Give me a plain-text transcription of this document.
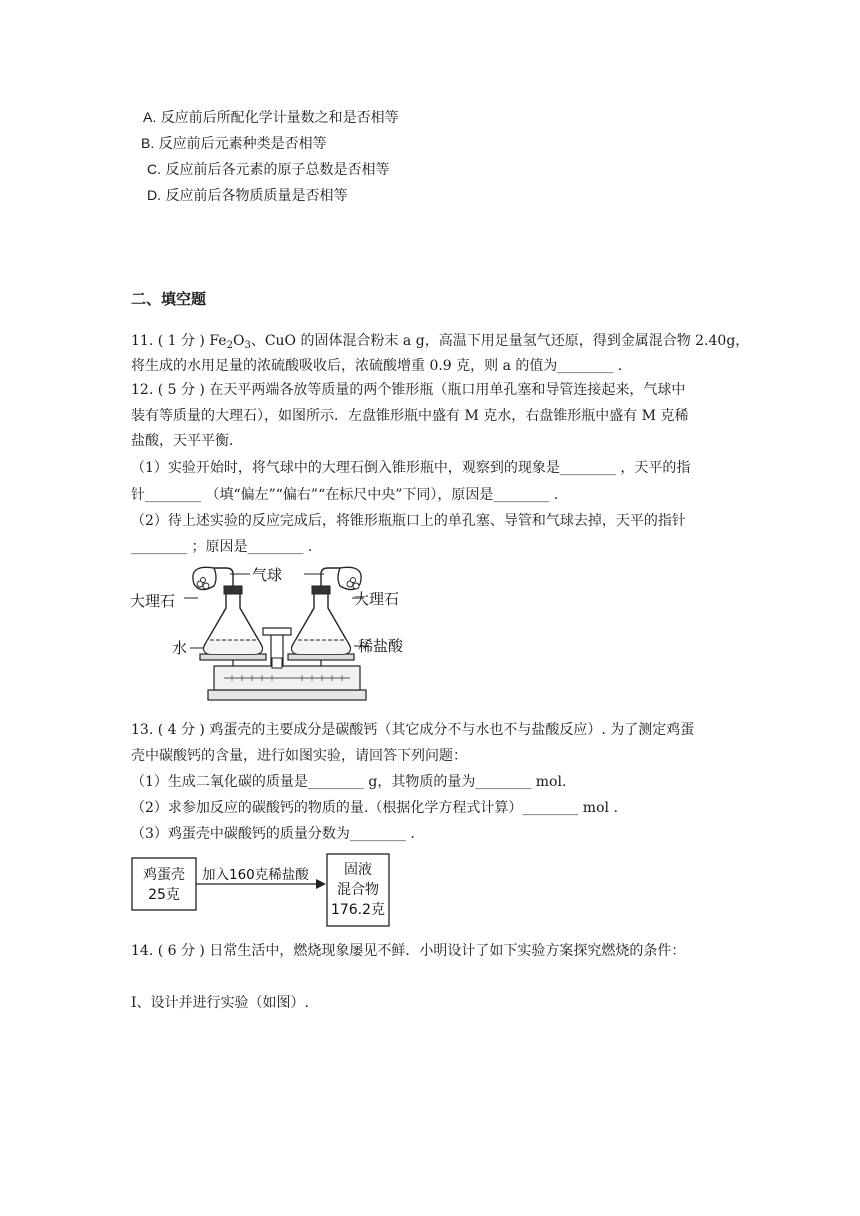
A. 反应前后所配化学计量数之和是否相等
B. 反应前后元素种类是否相等
C. 反应前后各元素的原子总数是否相等
D. 反应前后各物质质量是否相等
二、填空题
11. ( 1 分 ) $Fe_2O_3$、CuO 的固体混合粉末 a g，高温下用足量氢气还原，得到金属混合物 2.40g，
将生成的水用足量的浓硫酸吸收后，浓硫酸增重 0.9 克，则 a 的值为________ .
12. ( 5 分 ) 在天平两端各放等质量的两个锥形瓶（瓶口用单孔塞和导管连接起来，气球中
装有等质量的大理石），如图所示．左盘锥形瓶中盛有 M 克水，右盘锥形瓶中盛有 M 克稀
盐酸，天平平衡．
（1）实验开始时，将气球中的大理石倒入锥形瓶中，观察到的现象是________ ，天平的指
针________ （填“偏左”“偏右”“在标尺中央”下同），原因是________ .
（2）待上述实验的反应完成后，将锥形瓶瓶口上的单孔塞、导管和气球去掉，天平的指针
________ ；原因是________ .
气球
大理石	大理石
水	稀盐酸
13. ( 4 分 ) 鸡蛋壳的主要成分是碳酸钙（其它成分不与水也不与盐酸反应）. 为了测定鸡蛋
壳中碳酸钙的含量，进行如图实验，请回答下列问题：
（1）生成二氧化碳的质量是________ g，其物质的量为________ mol.
（2）求参加反应的碳酸钙的物质的量.（根据化学方程式计算）________ mol .
（3）鸡蛋壳中碳酸钙的质量分数为________ .
鸡蛋壳
25克
加入160克稀盐酸	固液
混合物
176.2克
14. ( 6 分 ) 日常生活中，燃烧现象屡见不鲜．小明设计了如下实验方案探究燃烧的条件：
Ⅰ、设计并进行实验（如图）.
